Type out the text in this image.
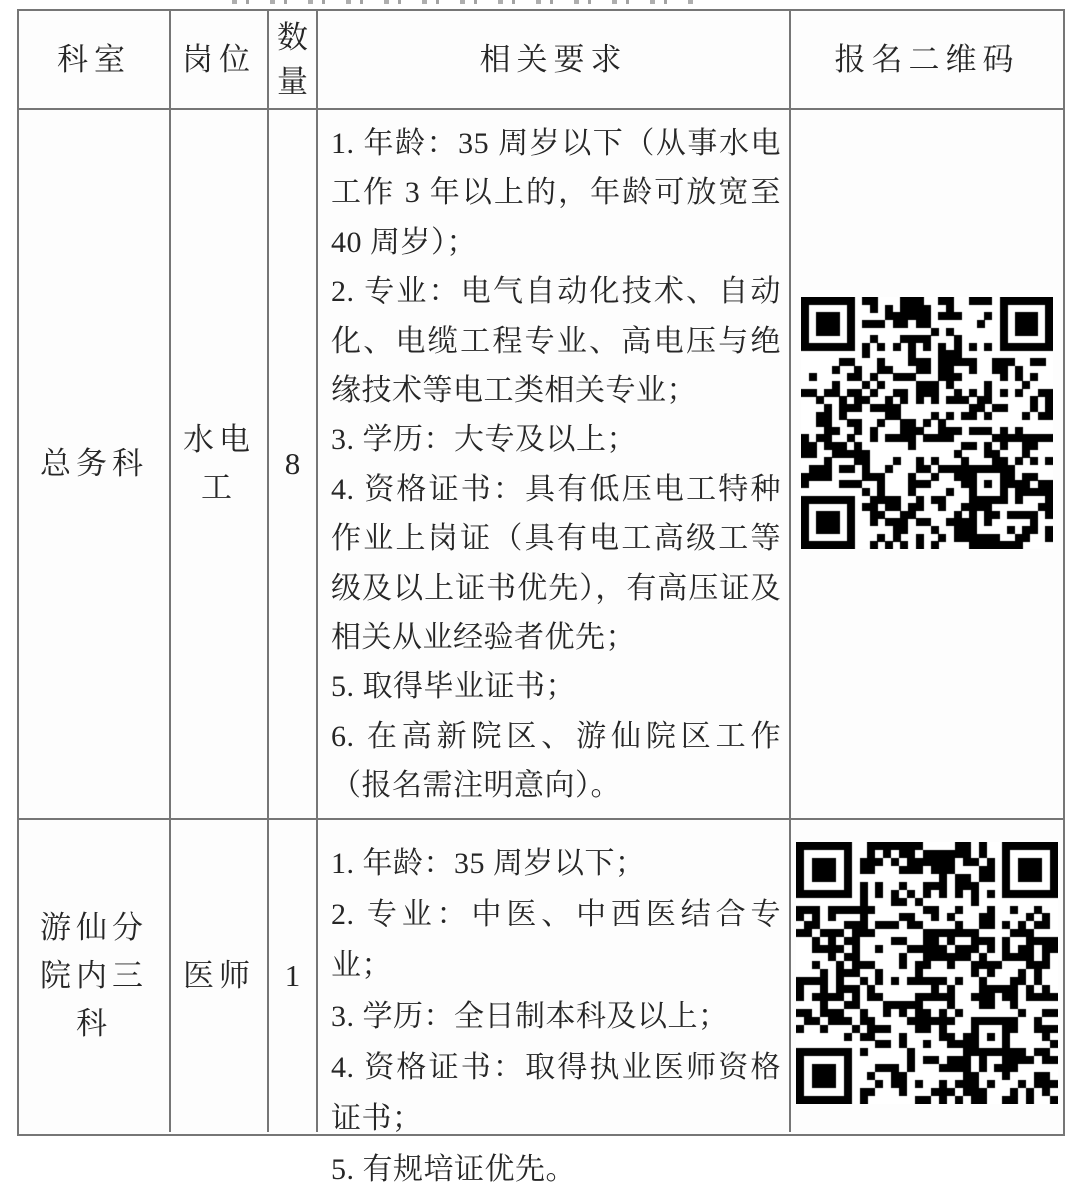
科室	岗位
数量
相关要求	报名二维码
总务科
水电工
8
1. 年龄：35 周岁以下（从事水电工作 3 年以上的，年龄可放宽至 40 周岁）；
2. 专业：电气自动化技术、自动化、电缆工程专业、高电压与绝缘技术等电工类相关专业；
3. 学历：大专及以上；
4. 资格证书：具有低压电工特种作业上岗证（具有电工高级工等级及以上证书优先），有高压证及相关从业经验者优先；
5. 取得毕业证书；
6. 在高新院区、游仙院区工作（报名需注明意向）。
游仙分院内三科
医师 1
1. 年龄：35 周岁以下；
2. 专业：中医、中西医结合专业；
3. 学历：全日制本科及以上；
4. 资格证书：取得执业医师资格证书；
5. 有规培证优先。
